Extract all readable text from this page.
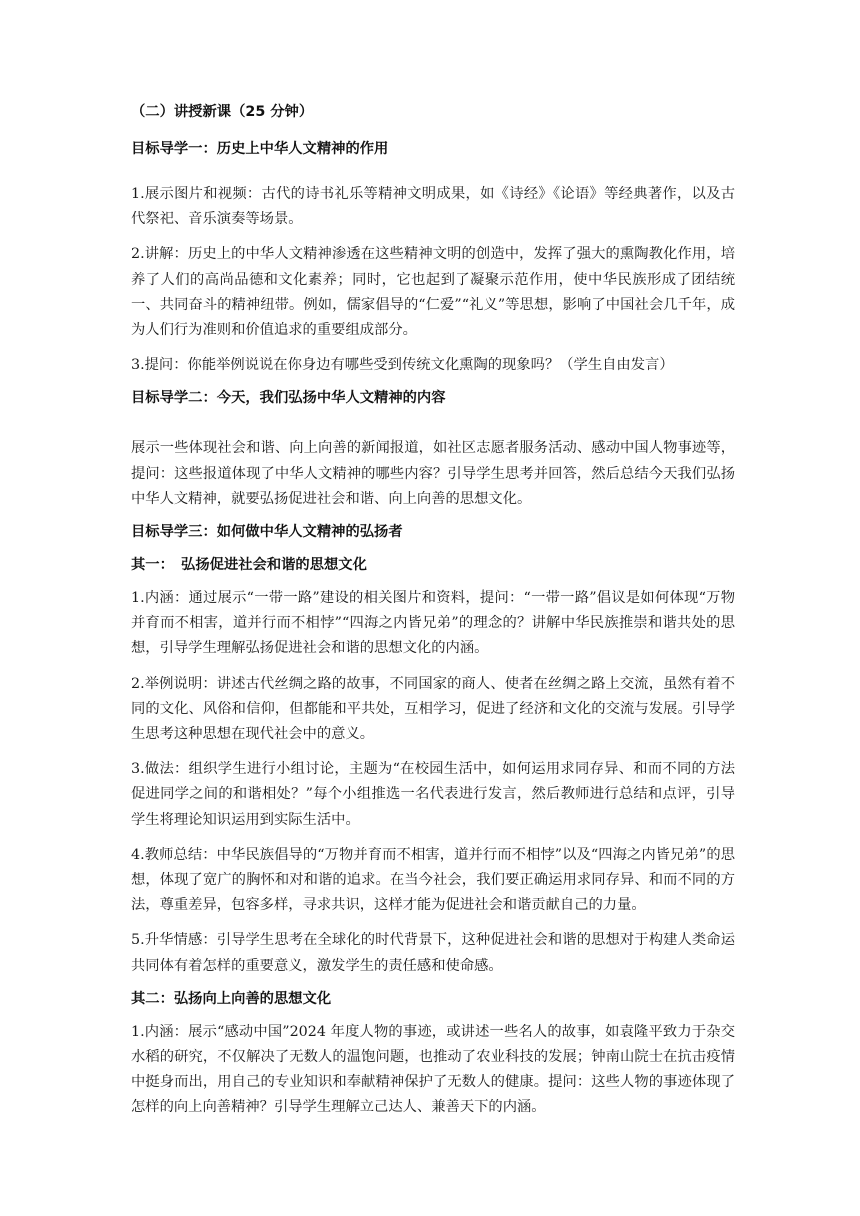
（二）讲授新课（25 分钟）

目标导学一：历史上中华人文精神的作用

1.展示图片和视频：古代的诗书礼乐等精神文明成果，如《诗经》《论语》等经典著作，以及古代祭祀、音乐演奏等场景。

2.讲解：历史上的中华人文精神渗透在这些精神文明的创造中，发挥了强大的熏陶教化作用，培养了人们的高尚品德和文化素养；同时，它也起到了凝聚示范作用，使中华民族形成了团结统一、共同奋斗的精神纽带。例如，儒家倡导的“仁爱”“礼义”等思想，影响了中国社会几千年，成为人们行为准则和价值追求的重要组成部分。

3.提问：你能举例说说在你身边有哪些受到传统文化熏陶的现象吗？（学生自由发言）

目标导学二：今天，我们弘扬中华人文精神的内容

展示一些体现社会和谐、向上向善的新闻报道，如社区志愿者服务活动、感动中国人物事迹等，提问：这些报道体现了中华人文精神的哪些内容？引导学生思考并回答，然后总结今天我们弘扬中华人文精神，就要弘扬促进社会和谐、向上向善的思想文化。

目标导学三：如何做中华人文精神的弘扬者

其一：　弘扬促进社会和谐的思想文化

1.内涵：通过展示“一带一路”建设的相关图片和资料，提问：“一带一路”倡议是如何体现“万物并育而不相害，道并行而不相悖”“四海之内皆兄弟”的理念的？讲解中华民族推崇和谐共处的思想，引导学生理解弘扬促进社会和谐的思想文化的内涵。

2.举例说明：讲述古代丝绸之路的故事，不同国家的商人、使者在丝绸之路上交流，虽然有着不同的文化、风俗和信仰，但都能和平共处，互相学习，促进了经济和文化的交流与发展。引导学生思考这种思想在现代社会中的意义。

3.做法：组织学生进行小组讨论，主题为“在校园生活中，如何运用求同存异、和而不同的方法促进同学之间的和谐相处？”每个小组推选一名代表进行发言，然后教师进行总结和点评，引导学生将理论知识运用到实际生活中。

4.教师总结：中华民族倡导的“万物并育而不相害，道并行而不相悖”以及“四海之内皆兄弟”的思想，体现了宽广的胸怀和对和谐的追求。在当今社会，我们要正确运用求同存异、和而不同的方法，尊重差异，包容多样，寻求共识，这样才能为促进社会和谐贡献自己的力量。

5.升华情感：引导学生思考在全球化的时代背景下，这种促进社会和谐的思想对于构建人类命运共同体有着怎样的重要意义，激发学生的责任感和使命感。

其二：弘扬向上向善的思想文化

1.内涵：展示“感动中国”2024 年度人物的事迹，或讲述一些名人的故事，如袁隆平致力于杂交水稻的研究，不仅解决了无数人的温饱问题，也推动了农业科技的发展；钟南山院士在抗击疫情中挺身而出，用自己的专业知识和奉献精神保护了无数人的健康。提问：这些人物的事迹体现了怎样的向上向善精神？引导学生理解立己达人、兼善天下的内涵。
